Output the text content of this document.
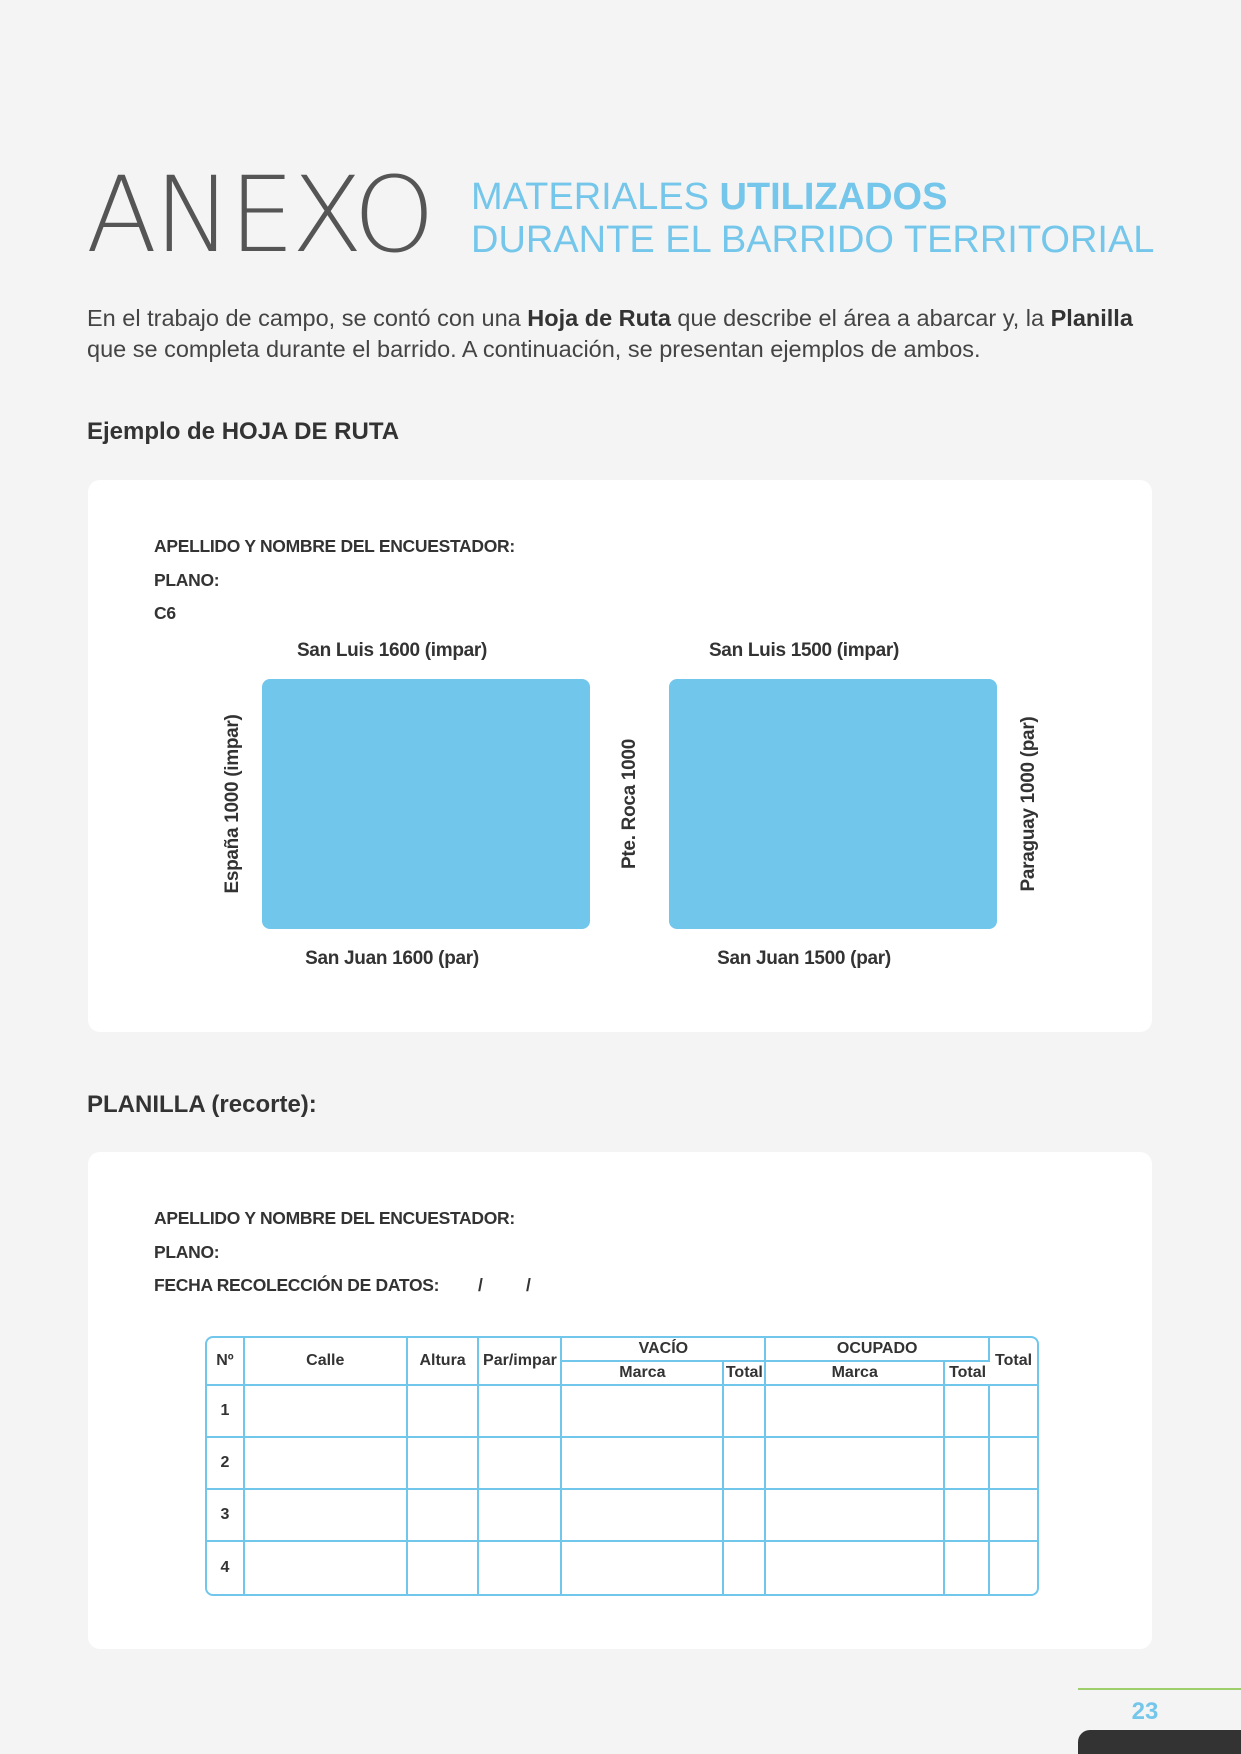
ANEXO MATERIALES UTILIZADOS
DURANTE EL BARRIDO TERRITORIAL

En el trabajo de campo, se contó con una Hoja de Ruta que describe el área a abarcar y, la Planilla que se completa durante el barrido. A continuación, se presentan ejemplos de ambos.

Ejemplo de HOJA DE RUTA
APELLIDO Y NOMBRE DEL ENCUESTADOR:
PLANO:
C6
San Luis 1600 (impar)	San Luis 1500 (impar)
España 1000 (impar)	Pte. Roca 1000	Paraguay 1000 (par)
San Juan 1600 (par)	San Juan 1500 (par)
PLANILLA (recorte):
APELLIDO Y NOMBRE DEL ENCUESTADOR:
PLANO:
FECHA RECOLECCIÓN DE DATOS: / /
Nº	Calle	Altura	Par/impar	VACÍO		OCUPADO		Total
				Marca	Total	Marca	Total	
1								
2								
3								
4								
23
